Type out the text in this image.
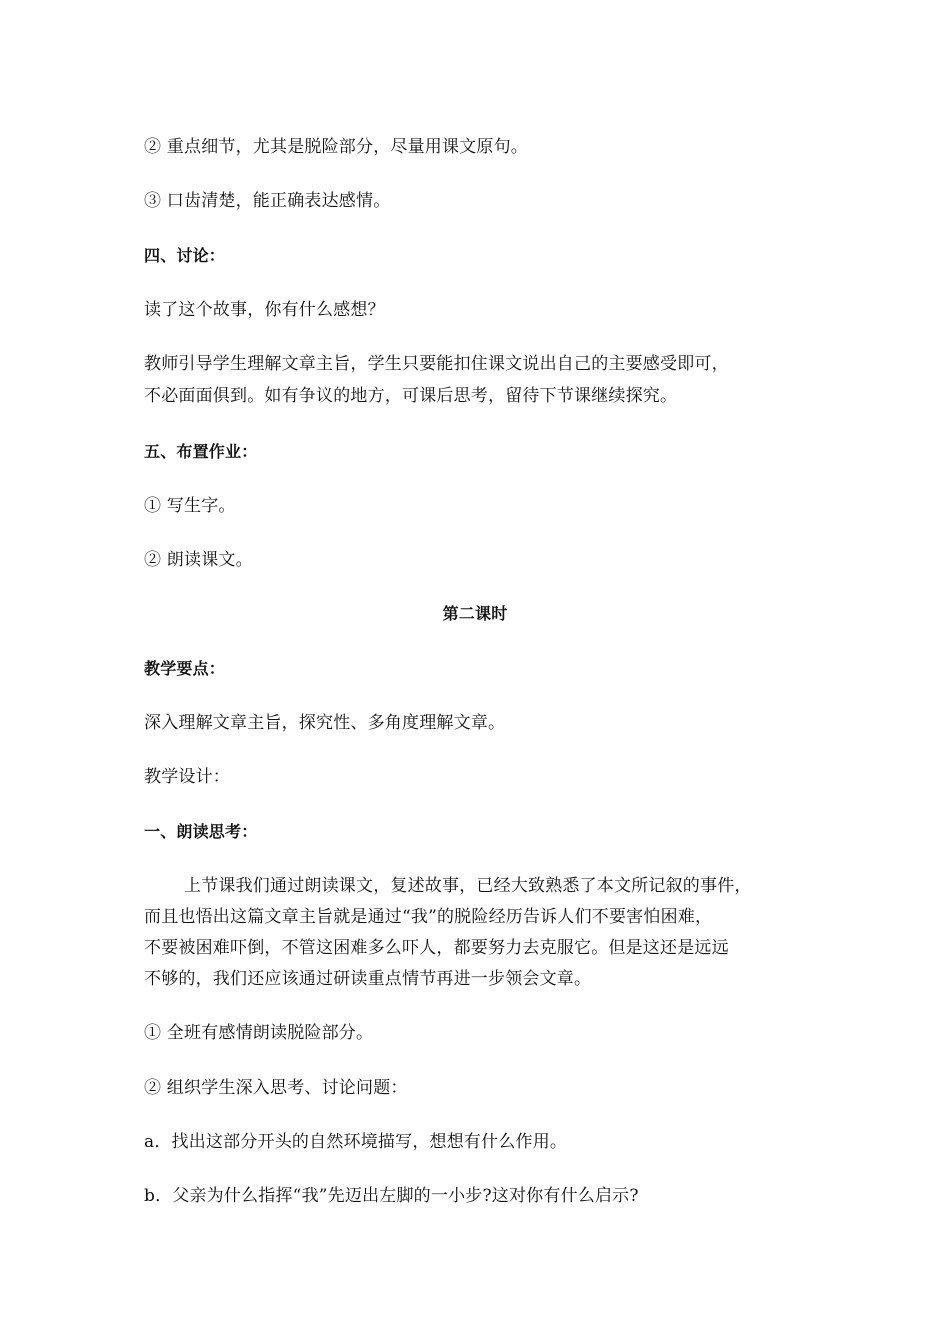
② 重点细节，尤其是脱险部分，尽量用课文原句。
③ 口齿清楚，能正确表达感情。
四、讨论：
读了这个故事，你有什么感想？
教师引导学生理解文章主旨，学生只要能扣住课文说出自己的主要感受即可，
不必面面俱到。如有争议的地方，可课后思考，留待下节课继续探究。
五、布置作业：
① 写生字。
② 朗读课文。
第二课时
教学要点：
深入理解文章主旨，探究性、多角度理解文章。
教学设计：
一、朗读思考：
上节课我们通过朗读课文，复述故事，已经大致熟悉了本文所记叙的事件，
而且也悟出这篇文章主旨就是通过“我”的脱险经历告诉人们不要害怕困难，
不要被困难吓倒，不管这困难多么吓人，都要努力去克服它。但是这还是远远
不够的，我们还应该通过研读重点情节再进一步领会文章。
① 全班有感情朗读脱险部分。
② 组织学生深入思考、讨论问题：
a．找出这部分开头的自然环境描写，想想有什么作用。
b．父亲为什么指挥“我”先迈出左脚的一小步?这对你有什么启示?
